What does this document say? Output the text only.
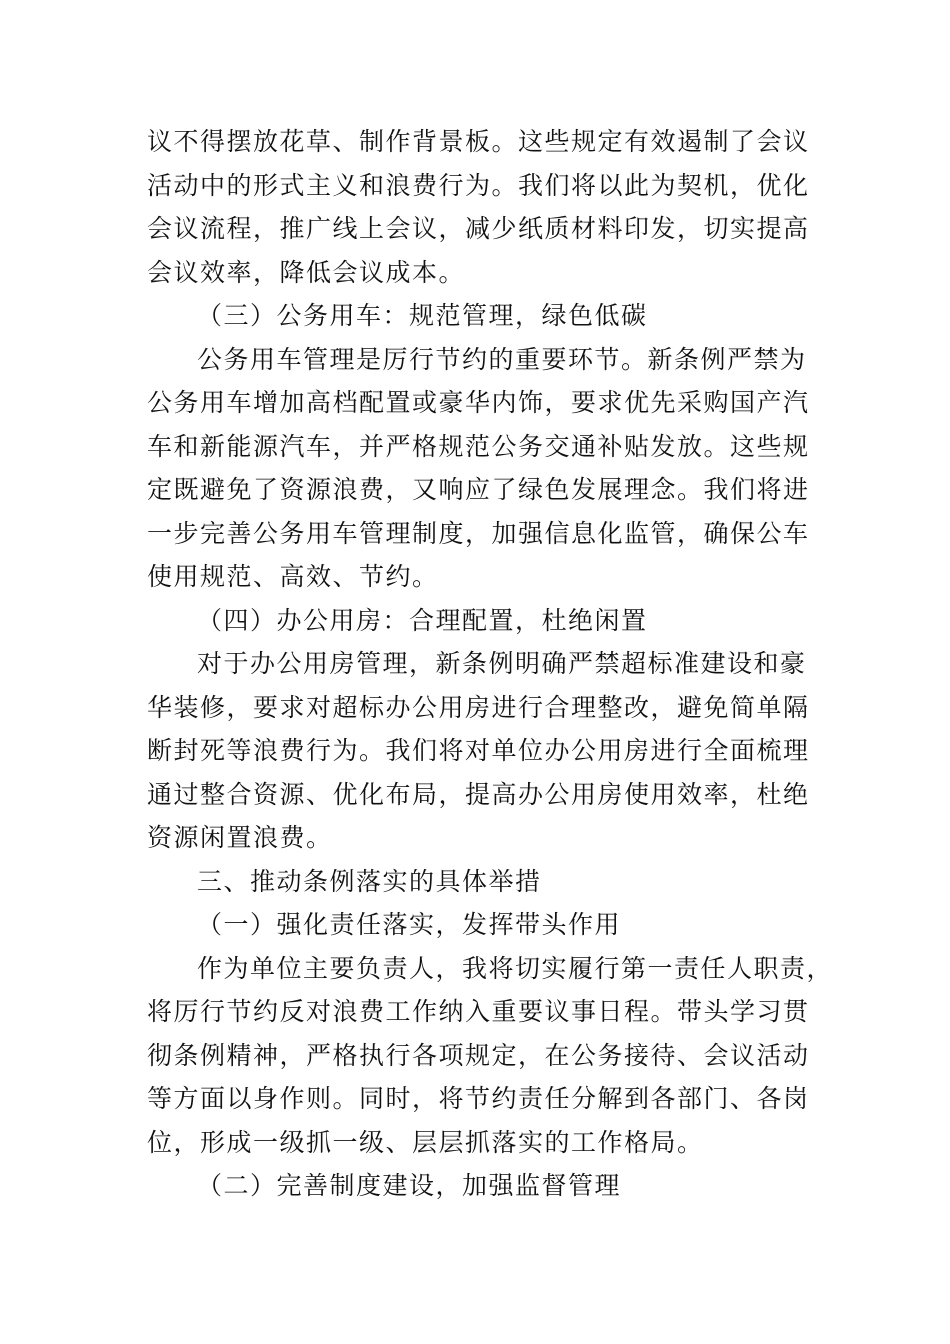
议不得摆放花草、制作背景板。这些规定有效遏制了会议
活动中的形式主义和浪费行为。我们将以此为契机，优化
会议流程，推广线上会议，减少纸质材料印发，切实提高
会议效率，降低会议成本。
（三）公务用车：规范管理，绿色低碳
公务用车管理是厉行节约的重要环节。新条例严禁为
公务用车增加高档配置或豪华内饰，要求优先采购国产汽
车和新能源汽车，并严格规范公务交通补贴发放。这些规
定既避免了资源浪费，又响应了绿色发展理念。我们将进
一步完善公务用车管理制度，加强信息化监管，确保公车
使用规范、高效、节约。
（四）办公用房：合理配置，杜绝闲置
对于办公用房管理，新条例明确严禁超标准建设和豪
华装修，要求对超标办公用房进行合理整改，避免简单隔
断封死等浪费行为。我们将对单位办公用房进行全面梳理
通过整合资源、优化布局，提高办公用房使用效率，杜绝
资源闲置浪费。
三、推动条例落实的具体举措
（一）强化责任落实，发挥带头作用
作为单位主要负责人，我将切实履行第一责任人职责，
将厉行节约反对浪费工作纳入重要议事日程。带头学习贯
彻条例精神，严格执行各项规定，在公务接待、会议活动
等方面以身作则。同时，将节约责任分解到各部门、各岗
位，形成一级抓一级、层层抓落实的工作格局。
（二）完善制度建设，加强监督管理
